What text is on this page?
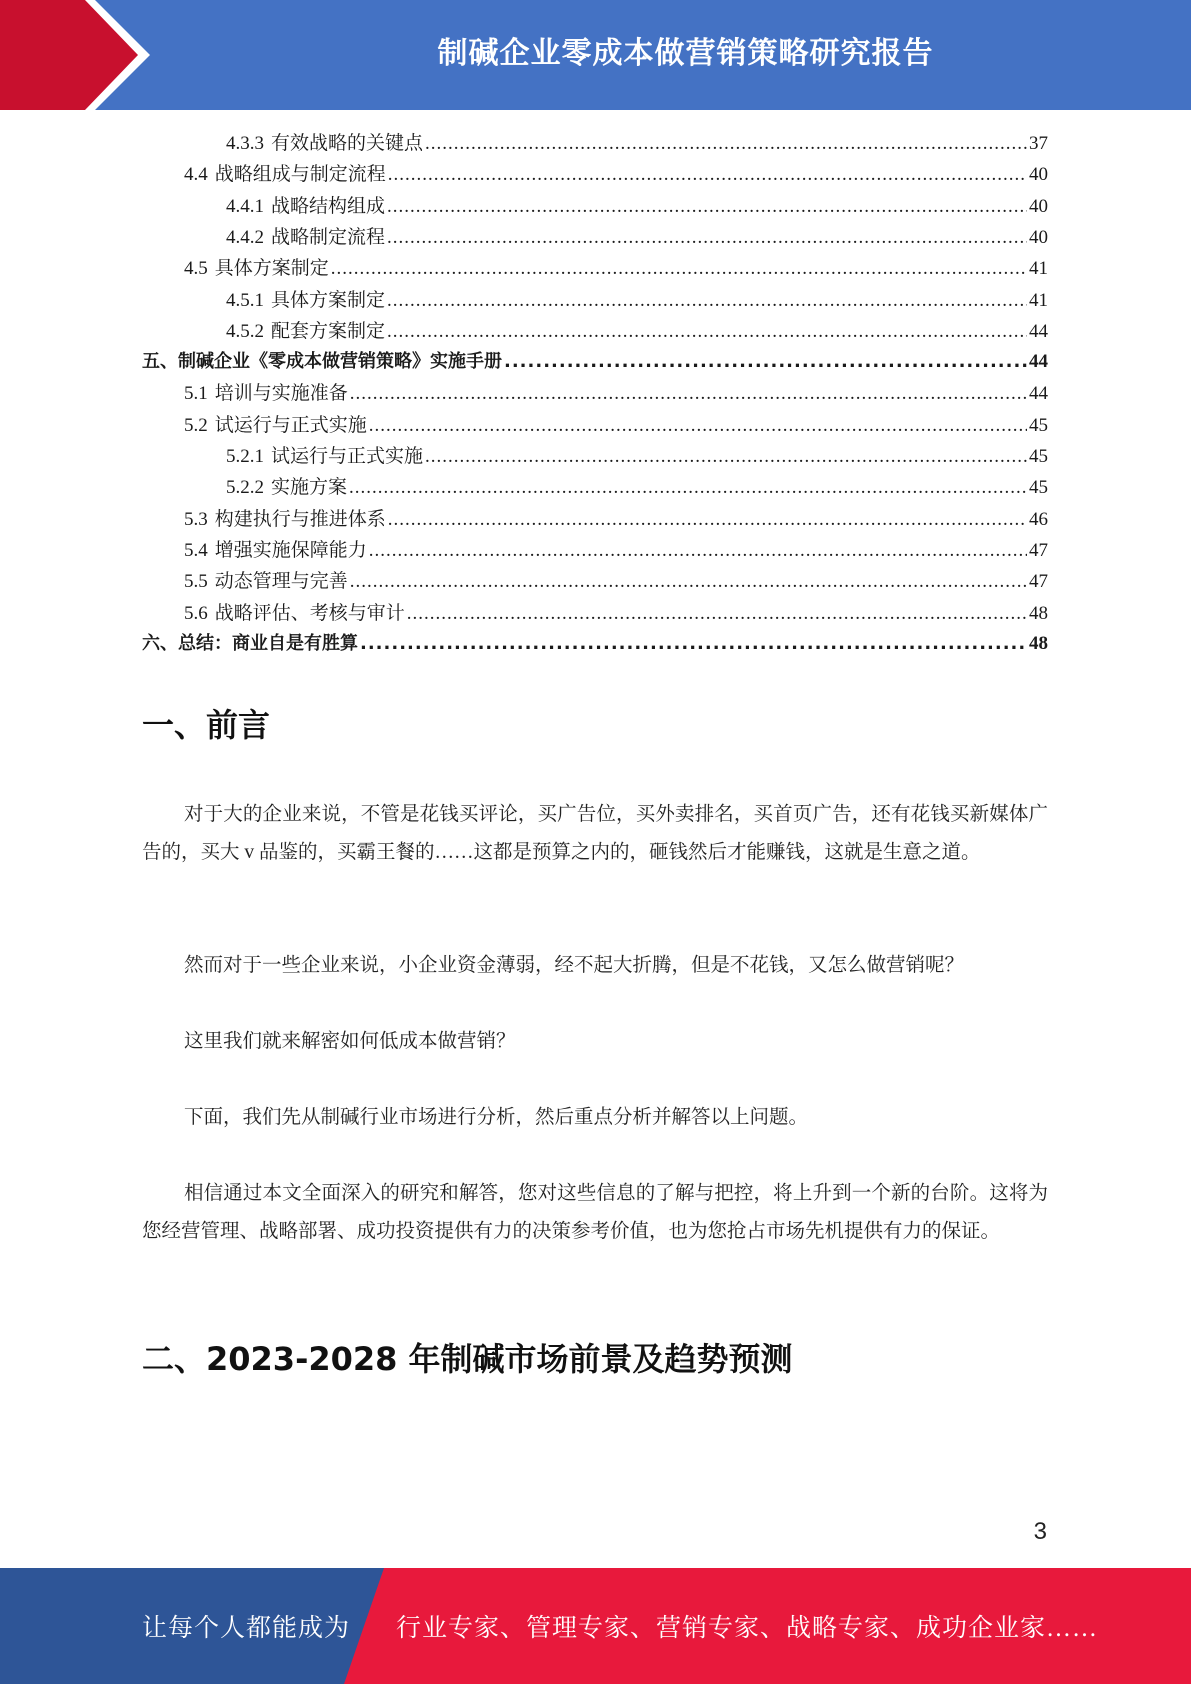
制碱企业零成本做营销策略研究报告
4.3.3 有效战略的关键点 .....	37
4.4 战略组成与制定流程 .....	40
4.4.1 战略结构组成 .....	40
4.4.2 战略制定流程 .....	40
4.5 具体方案制定 .....	41
4.5.1 具体方案制定 .....	41
4.5.2 配套方案制定 .....	44
五、制碱企业《零成本做营销策略》实施手册 .....	44
5.1 培训与实施准备 .....	44
5.2 试运行与正式实施 .....	45
5.2.1 试运行与正式实施 .....	45
5.2.2 实施方案 .....	45
5.3 构建执行与推进体系 .....	46
5.4 增强实施保障能力 .....	47
5.5 动态管理与完善 .....	47
5.6 战略评估、考核与审计 .....	48
六、总结：商业自是有胜算 .....	48
一、前言
对于大的企业来说，不管是花钱买评论，买广告位，买外卖排名，买首页广告，还有花钱买新媒体广告的，买大 v 品鉴的，买霸王餐的……这都是预算之内的，砸钱然后才能赚钱，这就是生意之道。
然而对于一些企业来说，小企业资金薄弱，经不起大折腾，但是不花钱，又怎么做营销呢？
这里我们就来解密如何低成本做营销？
下面，我们先从制碱行业市场进行分析，然后重点分析并解答以上问题。
相信通过本文全面深入的研究和解答，您对这些信息的了解与把控，将上升到一个新的台阶。这将为您经营管理、战略部署、成功投资提供有力的决策参考价值，也为您抢占市场先机提供有力的保证。
二、2023-2028 年制碱市场前景及趋势预测
3
让每个人都能成为 行业专家、管理专家、营销专家、战略专家、成功企业家……
